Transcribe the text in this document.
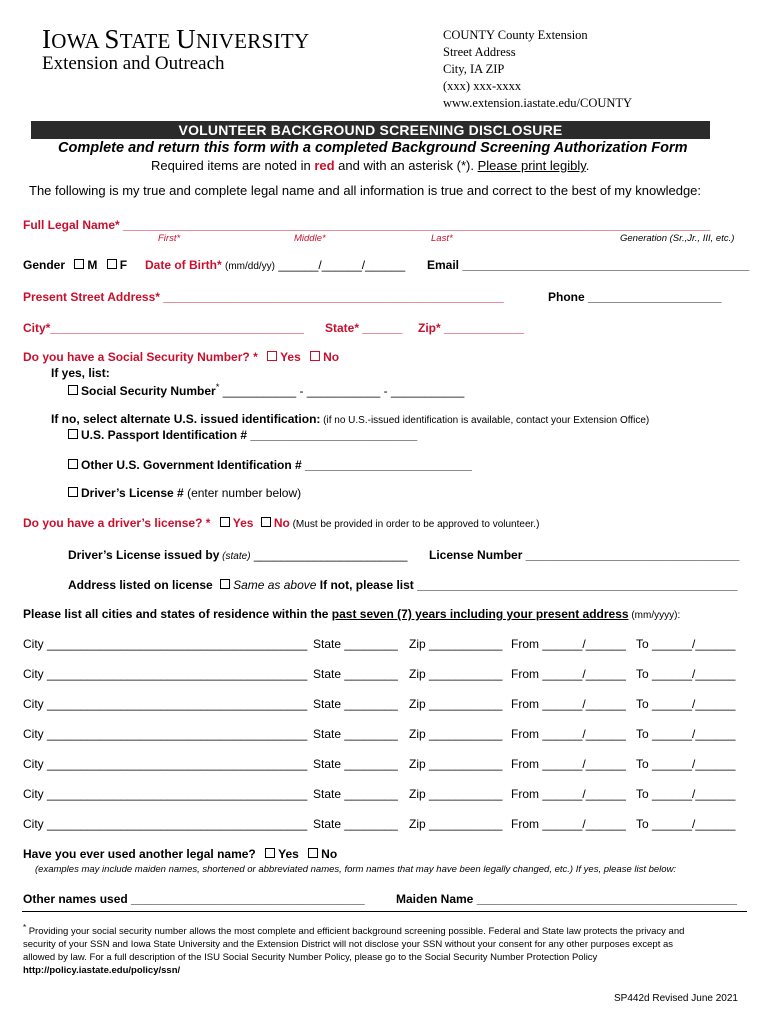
IOWA STATE UNIVERSITY
Extension and Outreach
COUNTY County Extension
Street Address
City, IA ZIP
(xxx) xxx-xxxx
www.extension.iastate.edu/COUNTY
VOLUNTEER BACKGROUND SCREENING DISCLOSURE
Complete and return this form with a completed Background Screening Authorization Form
Required items are noted in red and with an asterisk (*). Please print legibly.
The following is my true and complete legal name and all information is true and correct to the best of my knowledge:
Full Legal Name* ________________________________________________________________________________________
First*	Middle*	Last*	Generation (Sr.,Jr., III, etc.)
Gender M F Date of Birth* (mm/dd/yy) ______/______/______ Email ___________________________________________
Present Street Address* ___________________________________________________	Phone ____________________
City*______________________________________ State* ______ Zip* ____________
Do you have a Social Security Number? * Yes No
If yes, list:
Social Security Number* ___________ - ___________ - ___________
If no, select alternate U.S. issued identification: (if no U.S.-issued identification is available, contact your Extension Office)
U.S. Passport Identification # _________________________
Other U.S. Government Identification # _________________________
Driver’s License # (enter number below)
Do you have a driver’s license? * Yes No (Must be provided in order to be approved to volunteer.)
Driver’s License issued by (state) _______________________ License Number ________________________________
Address listed on license Same as above If not, please list ________________________________________________
Please list all cities and states of residence within the past seven (7) years including your present address (mm/yyyy):
City _______________________________________ State ________ Zip ___________ From ______/______ To ______/______
City _______________________________________ State ________ Zip ___________ From ______/______ To ______/______
City _______________________________________ State ________ Zip ___________ From ______/______ To ______/______
City _______________________________________ State ________ Zip ___________ From ______/______ To ______/______
City _______________________________________ State ________ Zip ___________ From ______/______ To ______/______
City _______________________________________ State ________ Zip ___________ From ______/______ To ______/______
City _______________________________________ State ________ Zip ___________ From ______/______ To ______/______
Have you ever used another legal name? Yes No
(examples may include maiden names, shortened or abbreviated names, form names that may have been legally changed, etc.) If yes, please list below:
Other names used ___________________________________	Maiden Name _______________________________________
* Providing your social security number allows the most complete and efficient background screening possible. Federal and State law protects the privacy and
security of your SSN and Iowa State University and the Extension District will not disclose your SSN without your consent for any other purposes except as
allowed by law. For a full description of the ISU Social Security Number Policy, please go to the Social Security Number Protection Policy
http://policy.iastate.edu/policy/ssn/
SP442d Revised June 2021
